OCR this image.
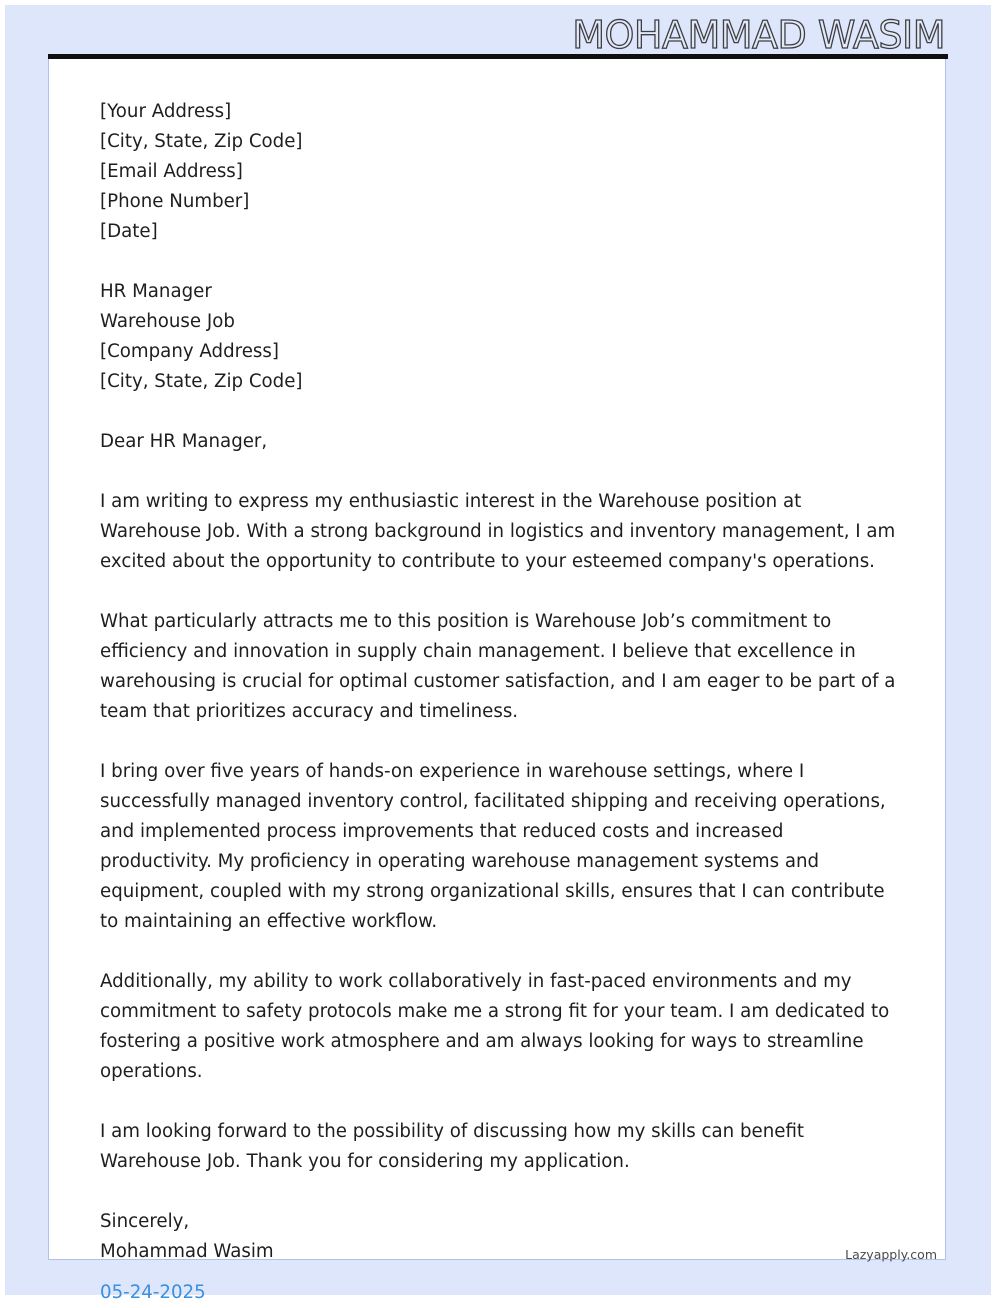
MOHAMMAD WASIM
[Your Address]
[City, State, Zip Code]
[Email Address]
[Phone Number]
[Date]
HR Manager
Warehouse Job
[Company Address]
[City, State, Zip Code]
Dear HR Manager,

I am writing to express my enthusiastic interest in the Warehouse position at Warehouse Job. With a strong background in logistics and inventory management, I am excited about the opportunity to contribute to your esteemed company's operations.

What particularly attracts me to this position is Warehouse Job’s commitment to efficiency and innovation in supply chain management. I believe that excellence in warehousing is crucial for optimal customer satisfaction, and I am eager to be part of a team that prioritizes accuracy and timeliness.

I bring over five years of hands-on experience in warehouse settings, where I successfully managed inventory control, facilitated shipping and receiving operations, and implemented process improvements that reduced costs and increased productivity. My proficiency in operating warehouse management systems and equipment, coupled with my strong organizational skills, ensures that I can contribute to maintaining an effective workflow.

Additionally, my ability to work collaboratively in fast-paced environments and my commitment to safety protocols make me a strong fit for your team. I am dedicated to fostering a positive work atmosphere and am always looking for ways to streamline operations.

I am looking forward to the possibility of discussing how my skills can benefit Warehouse Job. Thank you for considering my application.

Sincerely,
Mohammad Wasim	Lazyapply.com
05-24-2025
